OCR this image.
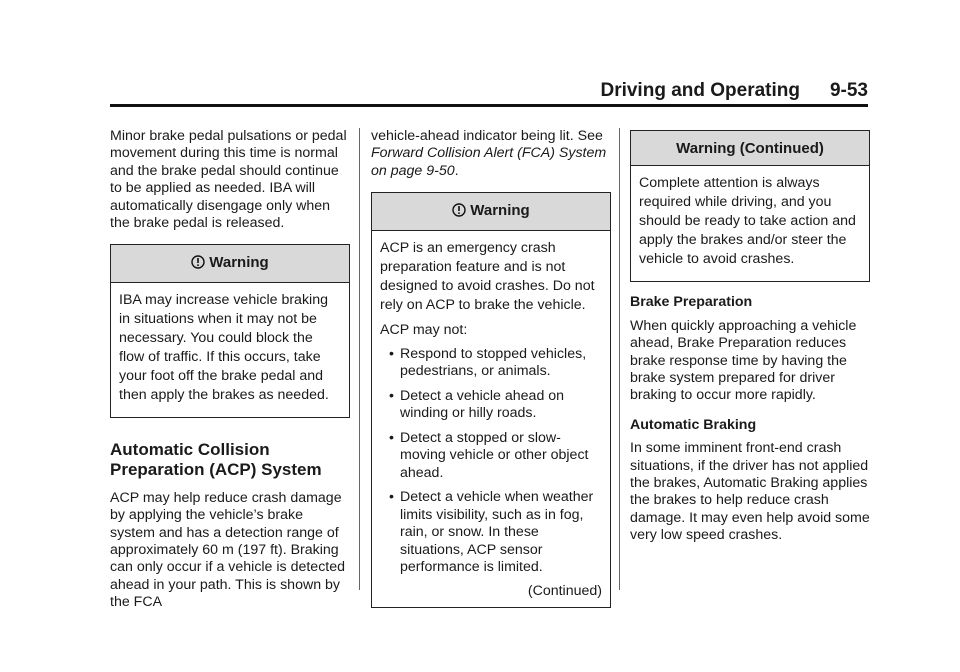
Driving and Operating 9-53

Minor brake pedal pulsations or pedal movement during this time is normal and the brake pedal should continue to be applied as needed. IBA will automatically disengage only when the brake pedal is released.

Warning

IBA may increase vehicle braking in situations when it may not be necessary. You could block the flow of traffic. If this occurs, take your foot off the brake pedal and then apply the brakes as needed.

Automatic Collision Preparation (ACP) System

ACP may help reduce crash damage by applying the vehicle’s brake system and has a detection range of approximately 60 m (197 ft). Braking can only occur if a vehicle is detected ahead in your path. This is shown by the FCA

vehicle-ahead indicator being lit. See Forward Collision Alert (FCA) System on page 9-50.

Warning

ACP is an emergency crash preparation feature and is not designed to avoid crashes. Do not rely on ACP to brake the vehicle.

ACP may not:

• Respond to stopped vehicles, pedestrians, or animals.
• Detect a vehicle ahead on winding or hilly roads.
• Detect a stopped or slow-moving vehicle or other object ahead.
• Detect a vehicle when weather limits visibility, such as in fog, rain, or snow. In these situations, ACP sensor performance is limited.
(Continued)
Warning (Continued)

Complete attention is always required while driving, and you should be ready to take action and apply the brakes and/or steer the vehicle to avoid crashes.

Brake Preparation

When quickly approaching a vehicle ahead, Brake Preparation reduces brake response time by having the brake system prepared for driver braking to occur more rapidly.

Automatic Braking

In some imminent front-end crash situations, if the driver has not applied the brakes, Automatic Braking applies the brakes to help reduce crash damage. It may even help avoid some very low speed crashes.
